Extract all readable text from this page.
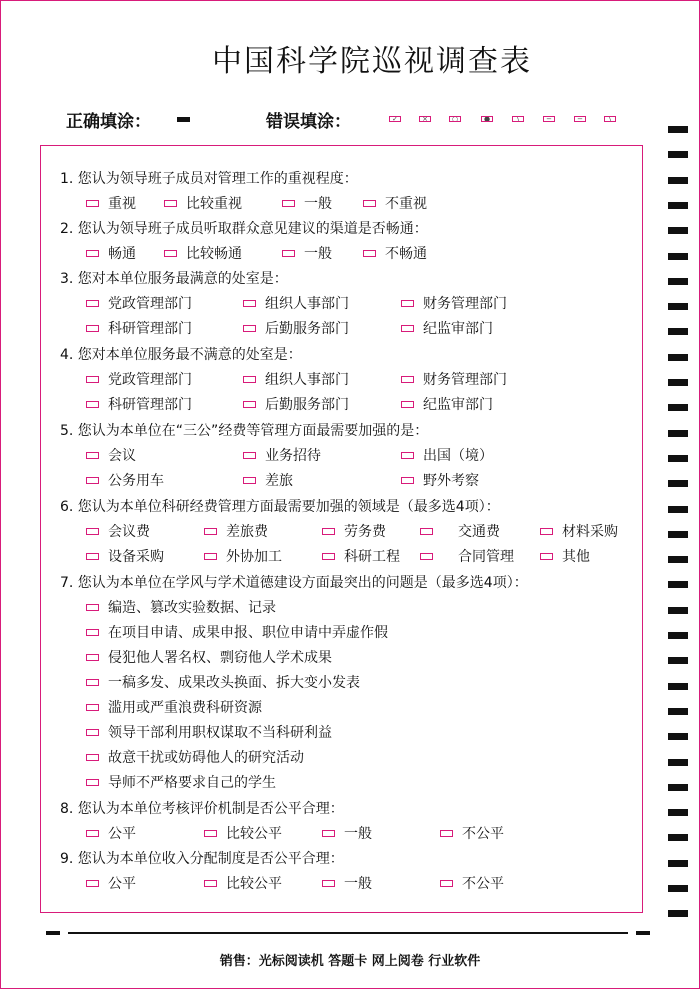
中国科学院巡视调查表
正确填涂：	错误填涂：	✓	×	○	●	\	−	−	\
1. 您认为领导班子成员对管理工作的重视程度：
重视	比较重视	一般	不重视
2. 您认为领导班子成员听取群众意见建议的渠道是否畅通：
畅通	比较畅通	一般	不畅通
3. 您对本单位服务最满意的处室是：
党政管理部门	组织人事部门	财务管理部门
科研管理部门	后勤服务部门	纪监审部门
4. 您对本单位服务最不满意的处室是：
党政管理部门	组织人事部门	财务管理部门
科研管理部门	后勤服务部门	纪监审部门
5. 您认为本单位在“三公”经费等管理方面最需要加强的是：
会议	业务招待	出国（境）
公务用车	差旅	野外考察
6. 您认为本单位科研经费管理方面最需要加强的领域是（最多选4项）：
会议费	差旅费	劳务费	交通费	材料采购
设备采购	外协加工	科研工程	合同管理	其他
7. 您认为本单位在学风与学术道德建设方面最突出的问题是（最多选4项）：
编造、篡改实验数据、记录
在项目申请、成果申报、职位申请中弄虚作假
侵犯他人署名权、剽窃他人学术成果
一稿多发、成果改头换面、拆大变小发表
滥用或严重浪费科研资源
领导干部利用职权谋取不当科研利益
故意干扰或妨碍他人的研究活动
导师不严格要求自己的学生
8. 您认为本单位考核评价机制是否公平合理：
公平	比较公平	一般	不公平
9. 您认为本单位收入分配制度是否公平合理：
公平	比较公平	一般	不公平
销售：光标阅读机 答题卡 网上阅卷 行业软件
